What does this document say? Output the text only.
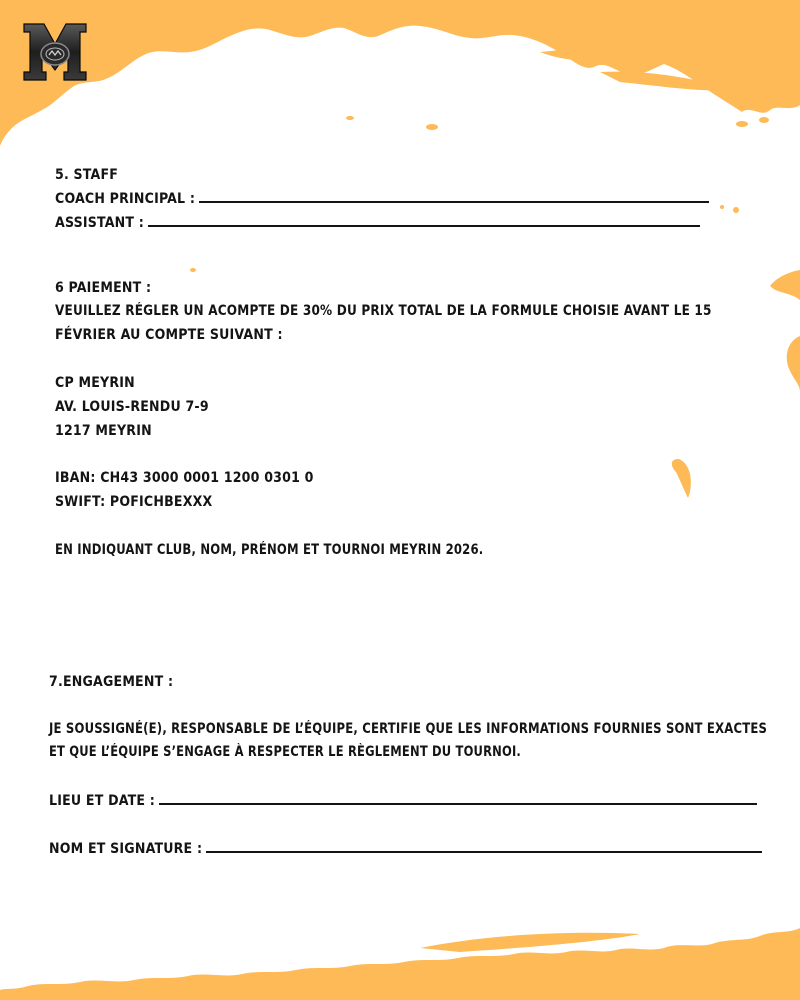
5. STAFF
COACH PRINCIPAL :
ASSISTANT :
6 PAIEMENT :
VEUILLEZ RÉGLER UN ACOMPTE DE 30% DU PRIX TOTAL DE LA FORMULE CHOISIE AVANT LE 15
FÉVRIER AU COMPTE SUIVANT :
CP MEYRIN
AV. LOUIS-RENDU 7-9
1217 MEYRIN
IBAN: CH43 3000 0001 1200 0301 0
SWIFT: POFICHBEXXX
EN INDIQUANT CLUB, NOM, PRÉNOM ET TOURNOI MEYRIN 2026.
7.ENGAGEMENT :
JE SOUSSIGNÉ(E), RESPONSABLE DE L’ÉQUIPE, CERTIFIE QUE LES INFORMATIONS FOURNIES SONT EXACTES
ET QUE L’ÉQUIPE S’ENGAGE À RESPECTER LE RÈGLEMENT DU TOURNOI.
LIEU ET DATE :
NOM ET SIGNATURE :
